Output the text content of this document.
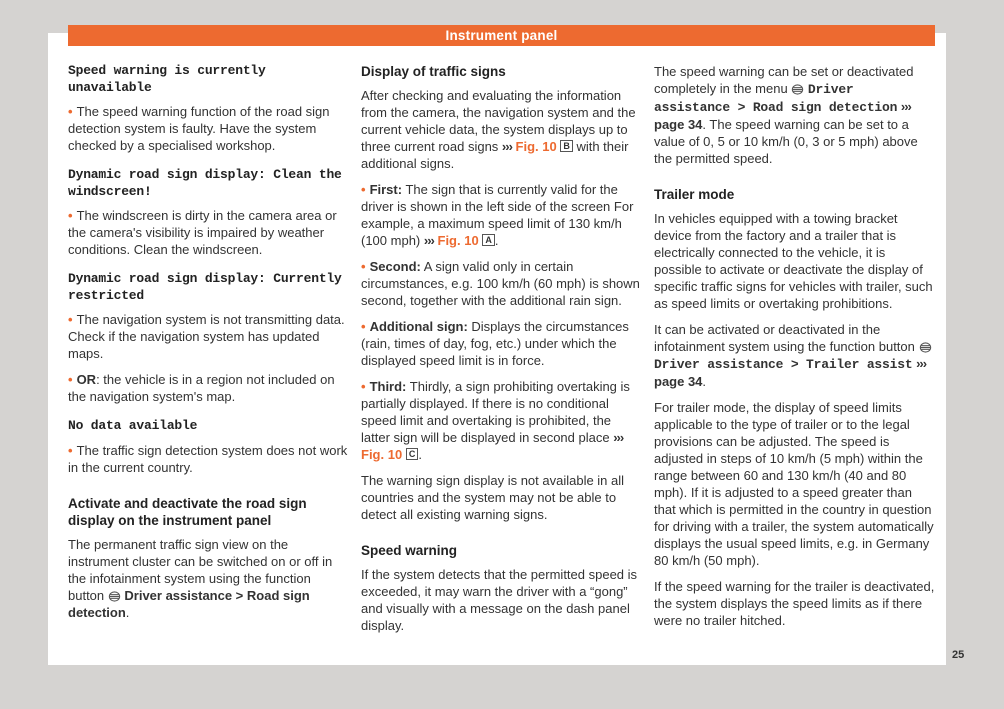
Instrument panel
Speed warning is currently unavailable

• The speed warning function of the road sign detection system is faulty. Have the system checked by a specialised workshop.

Dynamic road sign display: Clean the windscreen!

• The windscreen is dirty in the camera area or the camera's visibility is impaired by weather conditions. Clean the windscreen.

Dynamic road sign display: Currently restricted

• The navigation system is not transmitting data. Check if the navigation system has updated maps.

• OR: the vehicle is in a region not included on the navigation system's map.

No data available

• The traffic sign detection system does not work in the current country.

Activate and deactivate the road sign display on the instrument panel

The permanent traffic sign view on the instrument cluster can be switched on or off in the infotainment system using the function button  Driver assistance > Road sign detection.

Display of traffic signs

After checking and evaluating the information from the camera, the navigation system and the current vehicle data, the system displays up to three current road signs ››› Fig. 10 B with their additional signs.

• First: The sign that is currently valid for the driver is shown in the left side of the screen For example, a maximum speed limit of 130 km/h (100 mph) ››› Fig. 10 A .

• Second: A sign valid only in certain circumstances, e.g. 100 km/h (60 mph) is shown second, together with the additional rain sign.

• Additional sign: Displays the circumstances (rain, times of day, fog, etc.) under which the displayed speed limit is in force.

• Third: Thirdly, a sign prohibiting overtaking is partially displayed. If there is no conditional speed limit and overtaking is prohibited, the latter sign will be displayed in second place ››› Fig. 10 C .

The warning sign display is not available in all countries and the system may not be able to detect all existing warning signs.

Speed warning

If the system detects that the permitted speed is exceeded, it may warn the driver with a “gong” and visually with a message on the dash panel display.

The speed warning can be set or deactivated completely in the menu  Driver assistance > Road sign detection ››› page 34. The speed warning can be set to a value of 0, 5 or 10 km/h (0, 3 or 5 mph) above the permitted speed.

Trailer mode

In vehicles equipped with a towing bracket device from the factory and a trailer that is electrically connected to the vehicle, it is possible to activate or deactivate the display of specific traffic signs for vehicles with trailer, such as speed limits or overtaking prohibitions.

It can be activated or deactivated in the infotainment system using the function button  Driver assistance > Trailer assist ››› page 34.

For trailer mode, the display of speed limits applicable to the type of trailer or to the legal provisions can be adjusted. The speed is adjusted in steps of 10 km/h (5 mph) within the range between 60 and 130 km/h (40 and 80 mph). If it is adjusted to a speed greater than that which is permitted in the country in question for driving with a trailer, the system automatically displays the usual speed limits, e.g. in Germany 80 km/h (50 mph).

If the speed warning for the trailer is deactivated, the system displays the speed limits as if there were no trailer hitched.

25
